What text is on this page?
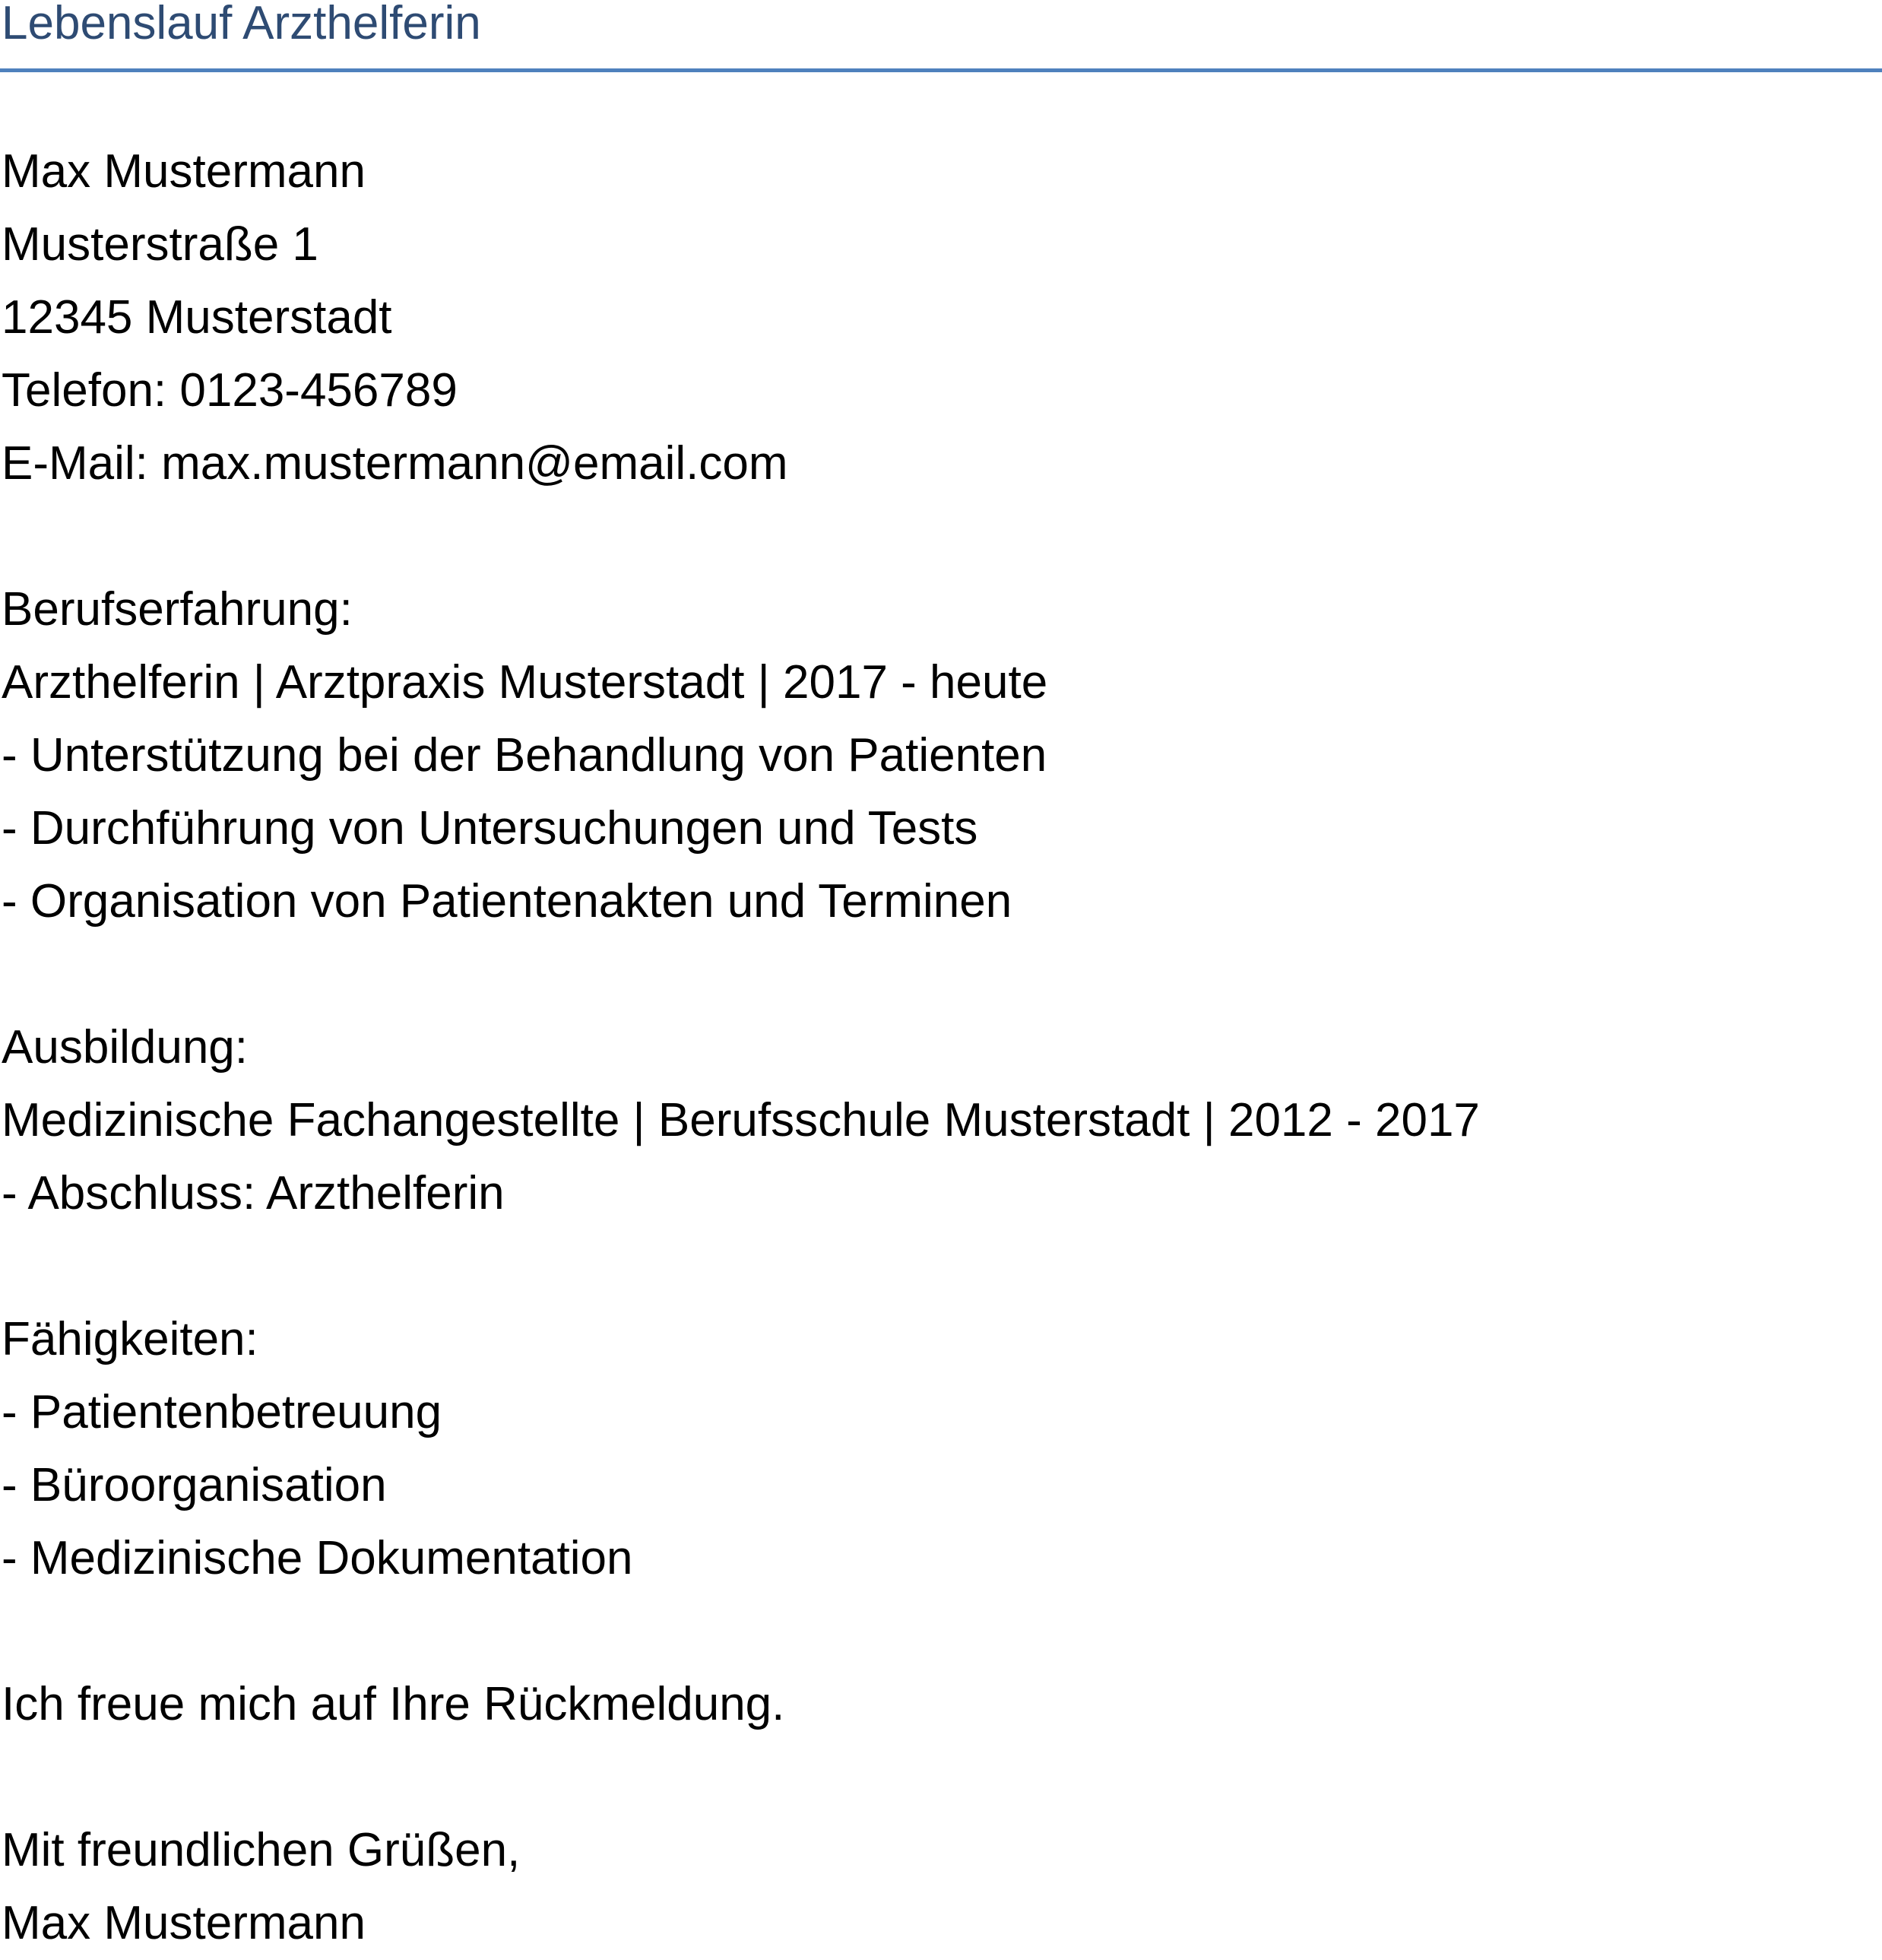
Lebenslauf Arzthelferin
Max Mustermann
Musterstraße 1
12345 Musterstadt
Telefon: 0123-456789
E-Mail: max.mustermann@email.com
Berufserfahrung:
Arzthelferin | Arztpraxis Musterstadt | 2017 - heute
- Unterstützung bei der Behandlung von Patienten
- Durchführung von Untersuchungen und Tests
- Organisation von Patientenakten und Terminen
Ausbildung:
Medizinische Fachangestellte | Berufsschule Musterstadt | 2012 - 2017
- Abschluss: Arzthelferin
Fähigkeiten:
- Patientenbetreuung
- Büroorganisation
- Medizinische Dokumentation
Ich freue mich auf Ihre Rückmeldung.
Mit freundlichen Grüßen,
Max Mustermann
